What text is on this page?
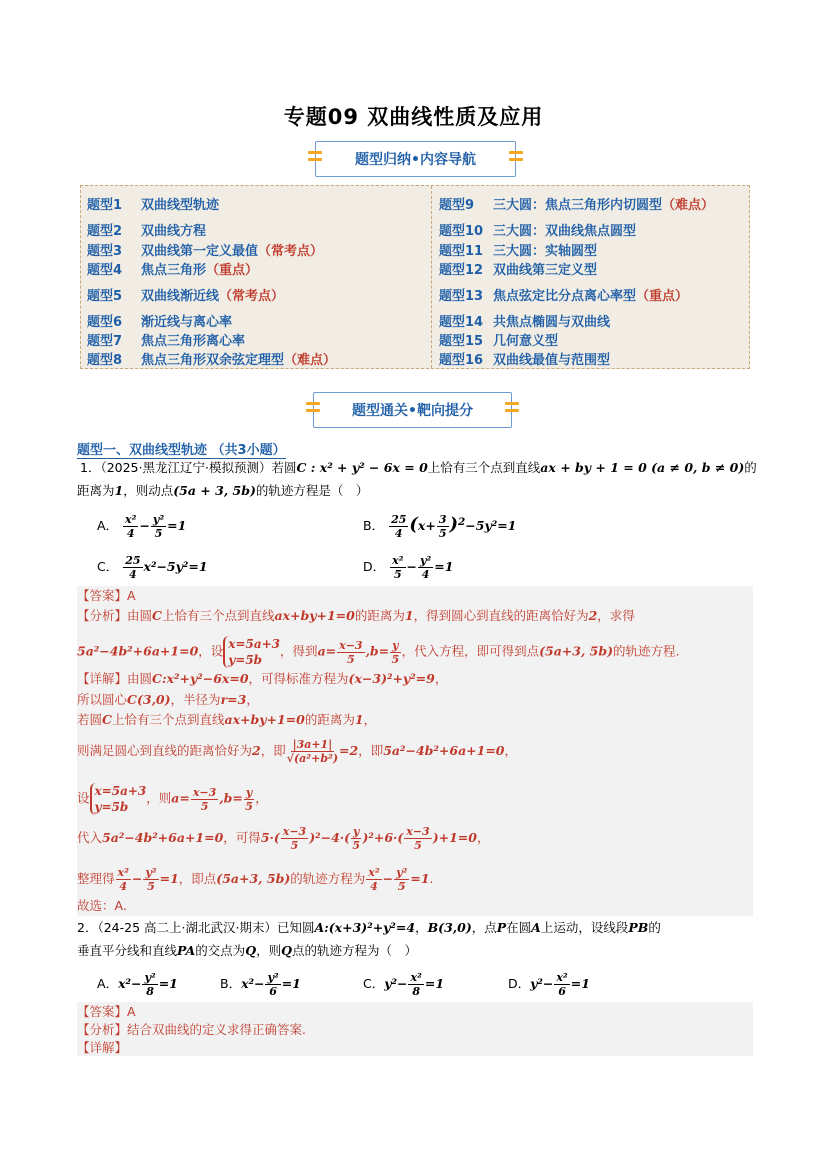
专题09 双曲线性质及应用
题型归纳•内容导航
题型1 双曲线型轨迹
题型2 双曲线方程
题型3 双曲线第一定义最值（常考点）
题型4 焦点三角形（重点）
题型5 双曲线渐近线（常考点）
题型6 渐近线与离心率
题型7 焦点三角形离心率
题型8 焦点三角形双余弦定理型（难点）
题型9 三大圆：焦点三角形内切圆型（难点）
题型10 三大圆：双曲线焦点圆型
题型11 三大圆：实轴圆型
题型12 双曲线第三定义型
题型13 焦点弦定比分点离心率型（重点）
题型14 共焦点椭圆与双曲线
题型15 几何意义型
题型16 双曲线最值与范围型
题型通关•靶向提分
题型一、双曲线型轨迹 （共3小题）
1．（2025·黑龙江辽宁·模拟预测）若圆C : x² + y² − 6x = 0上恰有三个点到直线ax + by + 1 = 0 (a ≠ 0, b ≠ 0)的
距离为1，则动点(5a + 3, 5b)的轨迹方程是（　）
A． $\frac{\text{x²}}{4} - \frac{\text{y²}}{5} =1$	B． $\frac{25}{4} (x+ \frac{3}{5} )^2-5y^2=1$
C． $\frac{25}{4} x^2-5y^2=1$	D． $\frac{\text{x²}}{5} - \frac{\text{y²}}{4} =1$
【答案】A
【分析】由圆C上恰有三个点到直线ax+by+1=0的距离为1，得到圆心到直线的距离恰好为2，求得
5a²−4b²+6a+1=0，设 x=5a+3
y=5b
，得到$a= \frac{x-3}{5} ,b= \frac{y}{5}$ ，代入方程，即可得到点(5a+3, 5b)的轨迹方程.
【详解】由圆C:x²+y²−6x=0，可得标准方程为(x−3)²+y²=9，
所以圆心C(3,0)，半径为r=3，
若圆C上恰有三个点到直线ax+by+1=0的距离为1，
则满足圆心到直线的距离恰好为2，即 $\frac{|3a+1|}{\text{√(a²+b²)}} =2$，即5a²−4b²+6a+1=0，
设 x=5a+3
y=5b
，则$a= \frac{x-3}{5} ,b= \frac{y}{5}$ ，
代入5a²−4b²+6a+1=0，可得$5\cdot( \frac{x-3}{5} )^2-4\cdot( \frac{y}{5} )^2+6\cdot( \frac{x-3}{5} )+1=0$，
整理得 $\frac{\text{x²}}{4} - \frac{\text{y²}}{5} =1$，即点(5a+3, 5b)的轨迹方程为 $\frac{\text{x²}}{4} - \frac{\text{y²}}{5} =1$.
故选：A.
2．（24-25 高二上·湖北武汉·期末）已知圆A:(x+3)²+y²=4，B(3,0)，点P在圆A上运动，设线段PB的
垂直平分线和直线PA的交点为Q，则Q点的轨迹方程为（　）
A．$x^2- \frac{\text{y²}}{8} =1$	B．$x^2- \frac{\text{y²}}{6} =1$	C．$y^2- \frac{\text{x²}}{8} =1$	D．$y^2- \frac{\text{x²}}{6} =1$
【答案】A
【分析】结合双曲线的定义求得正确答案.
【详解】
